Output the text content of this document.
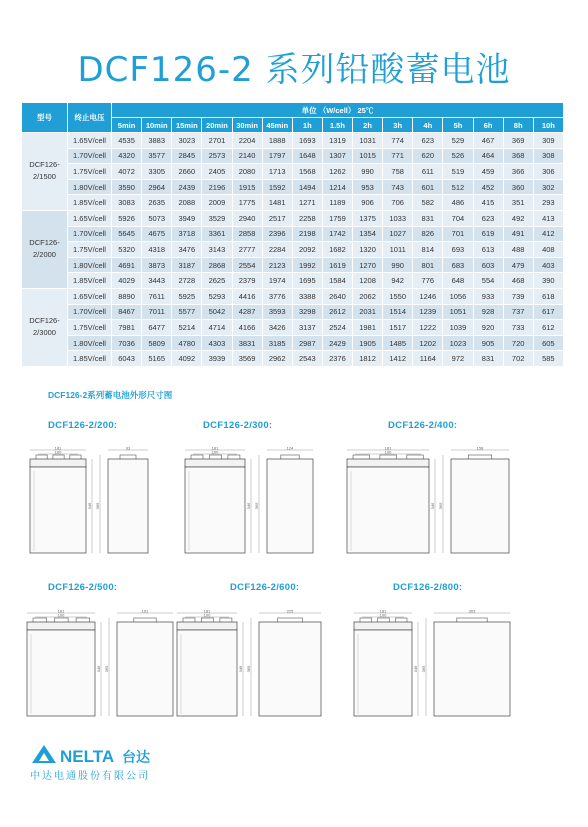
DCF126-2 系列铅酸蓄电池
型号	终止电压	单位 （W/cell） 25℃														
		5min	10min	15min	20min	30min	45min	1h	1.5h	2h	3h	4h	5h	6h	8h	10h
DCF126-2/1500	1.65V/cell	4535	3883	3023	2701	2204	1888	1693	1319	1031	774	623	529	467	369	309
	1.70V/cell	4320	3577	2845	2573	2140	1797	1648	1307	1015	771	620	526	464	368	308
	1.75V/cell	4072	3305	2660	2405	2080	1713	1568	1262	990	758	611	519	459	366	306
	1.80V/cell	3590	2964	2439	2196	1915	1592	1494	1214	953	743	601	512	452	360	302
	1.85V/cell	3083	2635	2088	2009	1775	1481	1271	1189	906	706	582	486	415	351	293
DCF126-2/2000	1.65V/cell	5926	5073	3949	3529	2940	2517	2258	1759	1375	1033	831	704	623	492	413
	1.70V/cell	5645	4675	3718	3361	2858	2396	2198	1742	1354	1027	826	701	619	491	412
	1.75V/cell	5320	4318	3476	3143	2777	2284	2092	1682	1320	1011	814	693	613	488	408
	1.80V/cell	4691	3873	3187	2868	2554	2123	1992	1619	1270	990	801	683	603	479	403
	1.85V/cell	4029	3443	2728	2625	2379	1974	1695	1584	1208	942	776	648	554	468	390
DCF126-2/3000	1.65V/cell	8890	7611	5925	5293	4416	3776	3388	2640	2062	1550	1246	1056	933	739	618
	1.70V/cell	8467	7011	5577	5042	4287	3593	3298	2612	2031	1514	1239	1051	928	737	617
	1.75V/cell	7981	6477	5214	4714	4166	3426	3137	2524	1981	1517	1222	1039	920	733	612
	1.80V/cell	7036	5809	4780	4303	3831	3185	2987	2429	1905	1485	1202	1023	905	720	605
	1.85V/cell	6043	5165	4092	3939	3569	2962	2543	2376	1812	1412	1164	972	831	702	585
DCF126-2系列蓄电池外形尺寸图
DCF126-2/200:
181
100
93
346 365
DCF126-2/300:
181
100
124
346 365
DCF126-2/400:
181
100
158
346 365
DCF126-2/500:
181
100
191
346 365
DCF126-2/600:
181
100
225
346 365
DCF126-2/800:
181
100
303
346 365
NELTA 台达
中达电通股份有限公司
